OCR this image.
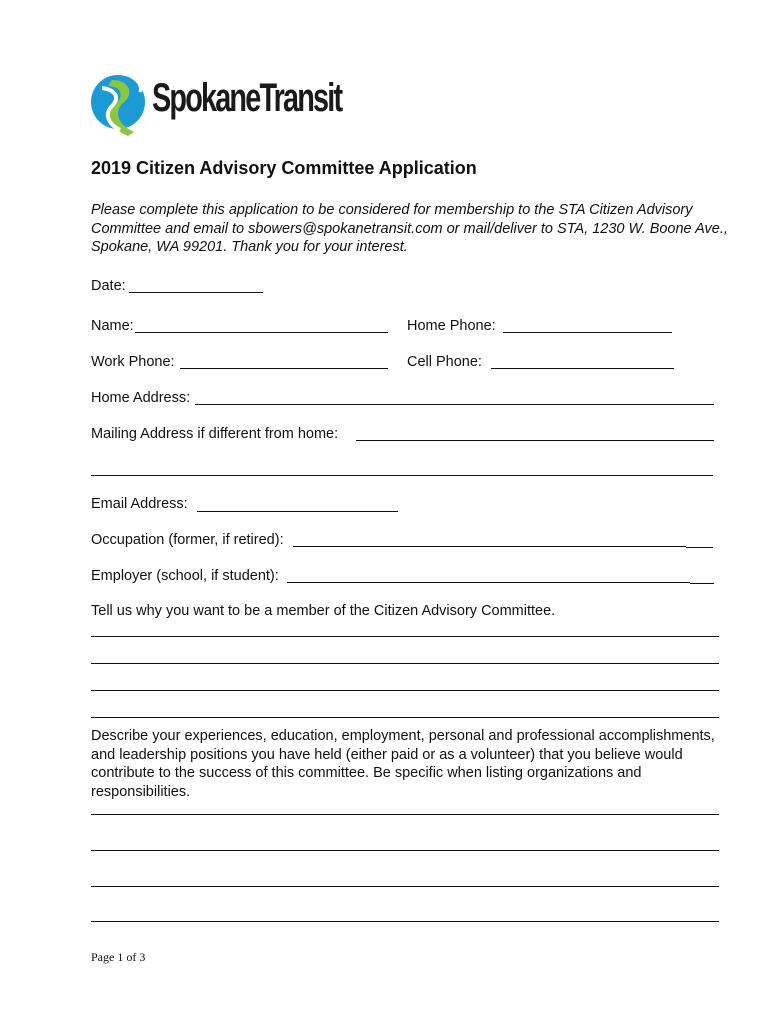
SpokaneTransit
2019 Citizen Advisory Committee Application
Please complete this application to be considered for membership to the STA Citizen Advisory Committee and email to sbowers@spokanetransit.com or mail/deliver to STA, 1230 W. Boone Ave., Spokane, WA 99201. Thank you for your interest.
Date:
Name:	Home Phone:
Work Phone:	Cell Phone:
Home Address:
Mailing Address if different from home:
Email Address:
Occupation (former, if retired):
Employer (school, if student):
Tell us why you want to be a member of the Citizen Advisory Committee.
Describe your experiences, education, employment, personal and professional accomplishments, and leadership positions you have held (either paid or as a volunteer) that you believe would contribute to the success of this committee. Be specific when listing organizations and responsibilities.
Page 1 of 3
